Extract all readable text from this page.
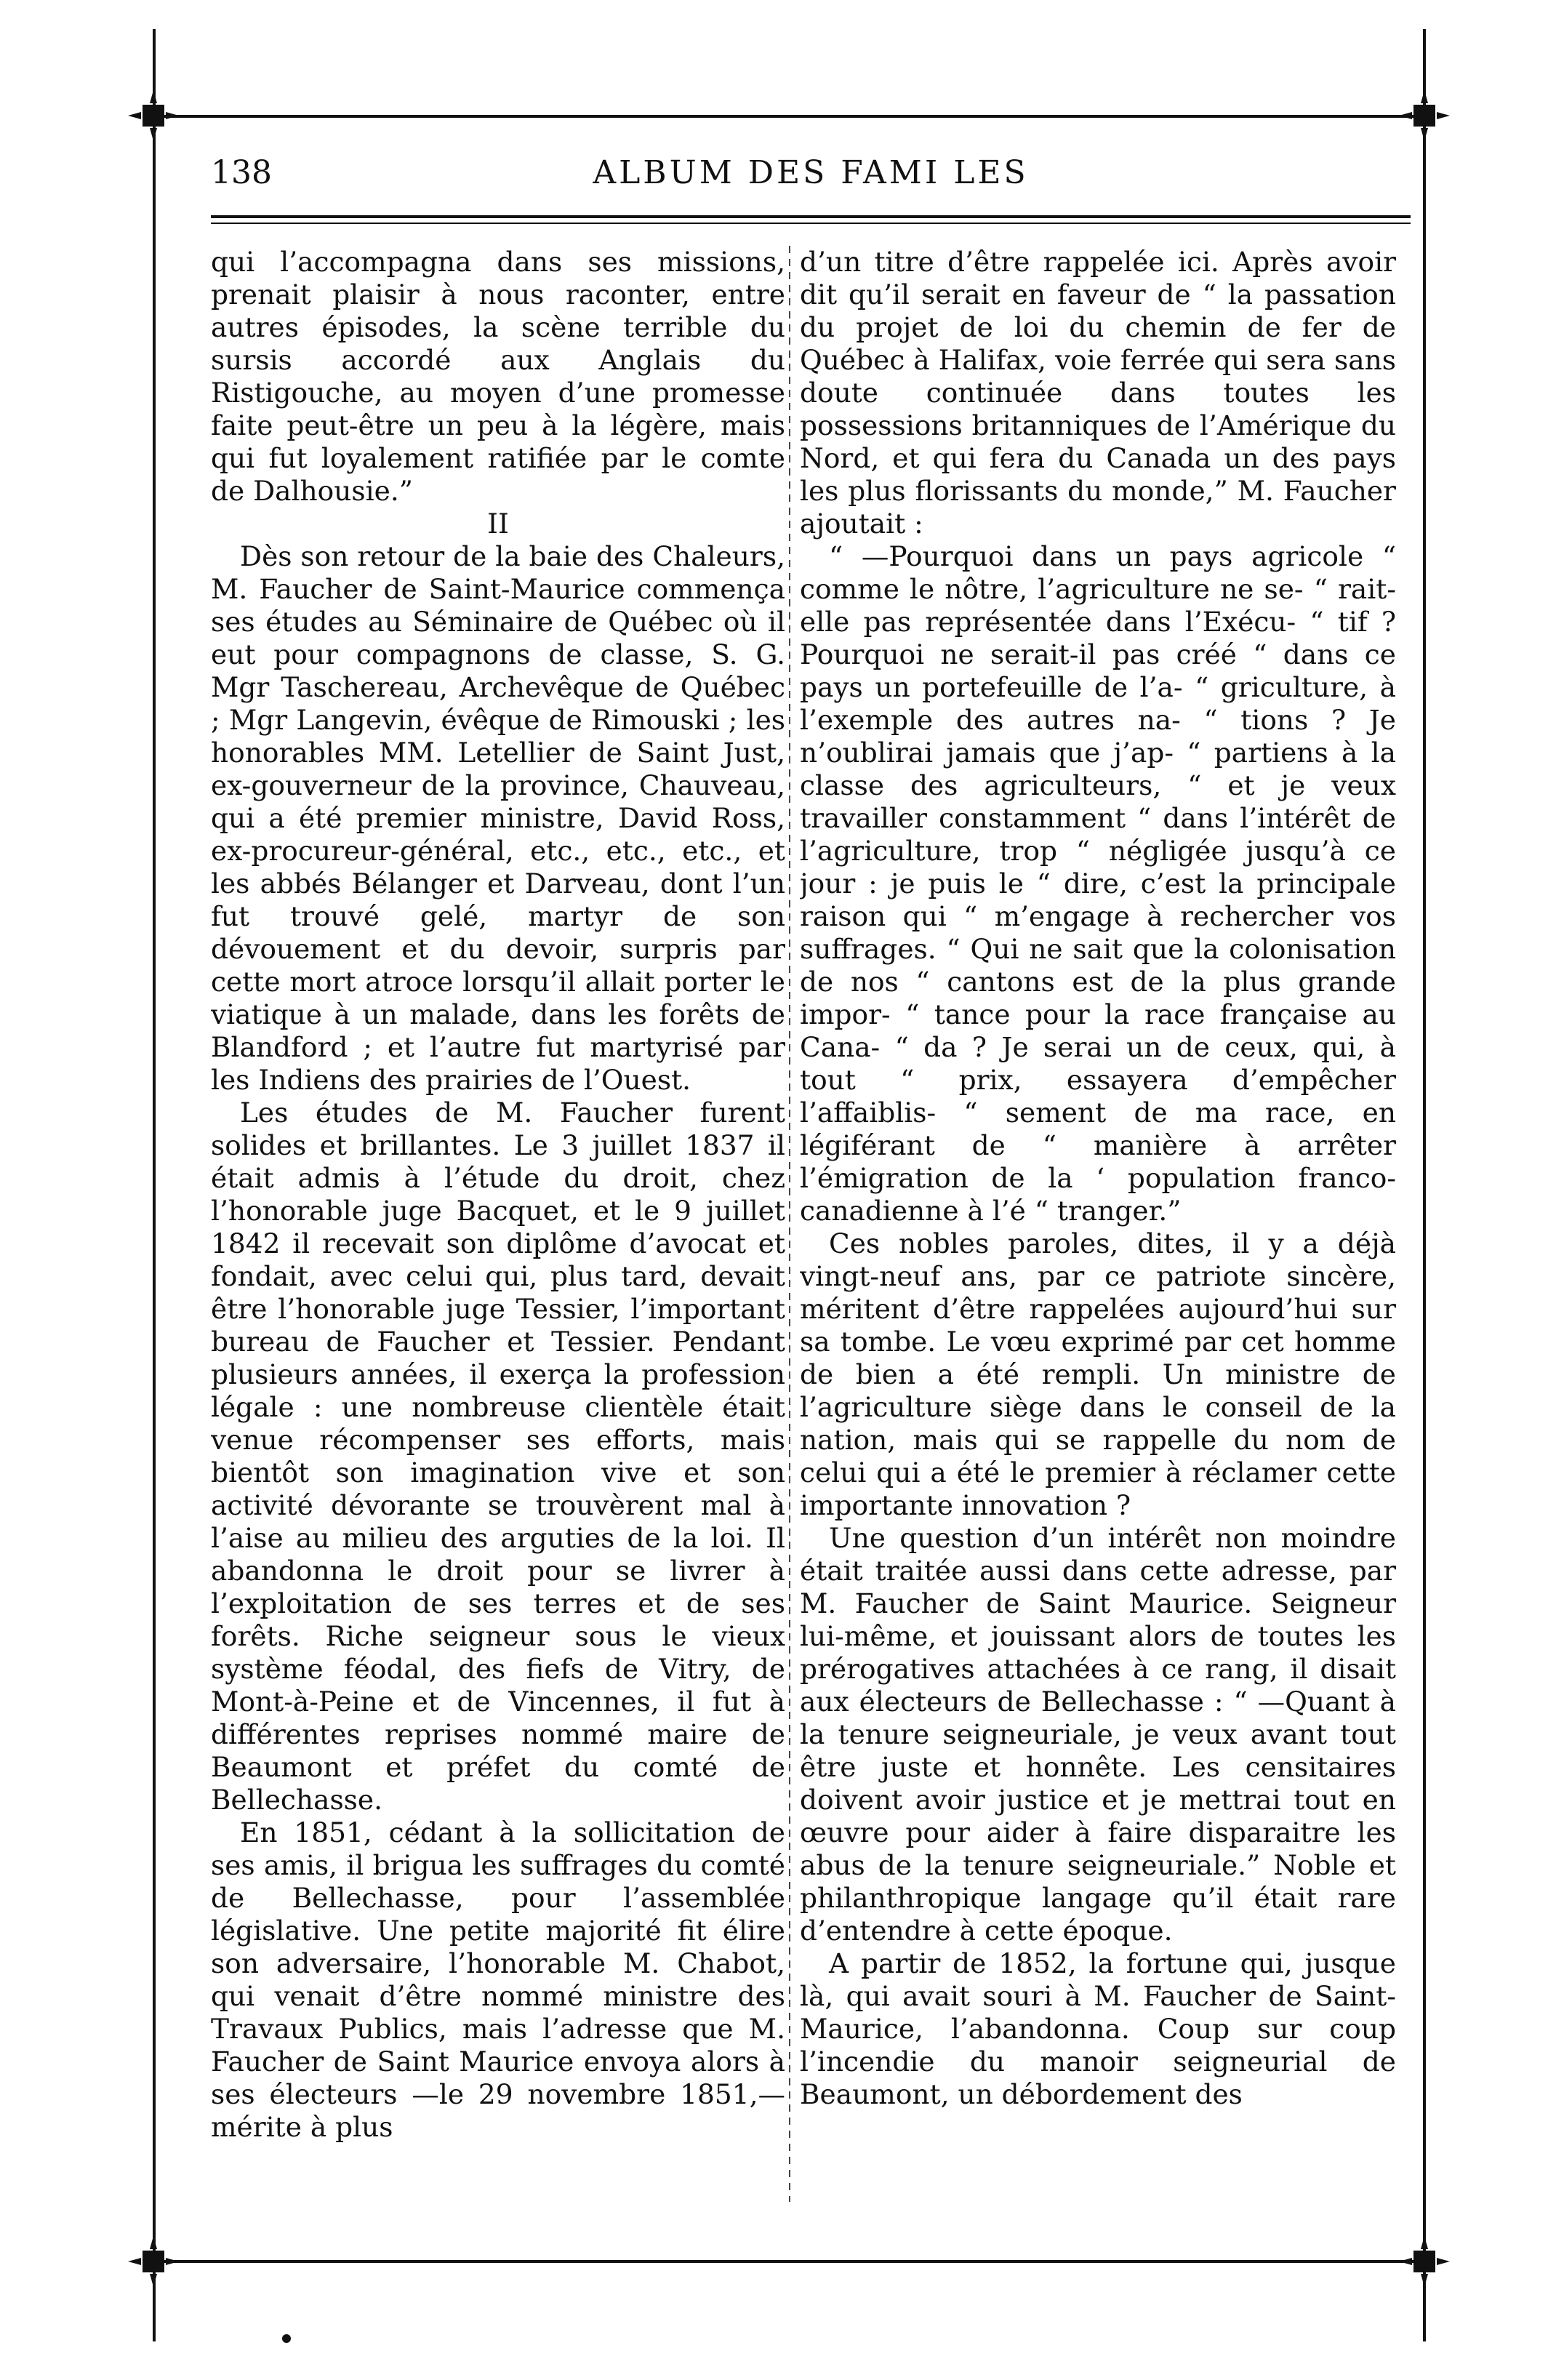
138	ALBUM DES FAMI LES

qui l’accompagna dans ses missions, prenait plaisir à nous raconter, entre autres épisodes, la scène terrible du sursis accordé aux Anglais du Ristigouche, au moyen d’une promesse faite peut-être un peu à la légère, mais qui fut loyalement ratifiée par le comte de Dalhousie.”

II

Dès son retour de la baie des Chaleurs, M. Faucher de Saint-Maurice commença ses études au Séminaire de Québec où il eut pour compagnons de classe, S. G. Mgr Taschereau, Archevêque de Québec ; Mgr Langevin, évêque de Rimouski ; les honorables MM. Letellier de Saint Just, ex-gouverneur de la province, Chauveau, qui a été premier ministre, David Ross, ex-procureur-général, etc., etc., etc., et les abbés Bélanger et Darveau, dont l’un fut trouvé gelé, martyr de son dévouement et du devoir, surpris par cette mort atroce lorsqu’il allait porter le viatique à un malade, dans les forêts de Blandford ; et l’autre fut martyrisé par les Indiens des prairies de l’Ouest.

Les études de M. Faucher furent solides et brillantes. Le 3 juillet 1837 il était admis à l’étude du droit, chez l’honorable juge Bacquet, et le 9 juillet 1842 il recevait son diplôme d’avocat et fondait, avec celui qui, plus tard, devait être l’honorable juge Tessier, l’important bureau de Faucher et Tessier. Pendant plusieurs années, il exerça la profession légale : une nombreuse clientèle était venue récompenser ses efforts, mais bientôt son imagination vive et son activité dévorante se trouvèrent mal à l’aise au milieu des arguties de la loi. Il abandonna le droit pour se livrer à l’exploitation de ses terres et de ses forêts. Riche seigneur sous le vieux système féodal, des fiefs de Vitry, de Mont-à-Peine et de Vincennes, il fut à différentes reprises nommé maire de Beaumont et préfet du comté de Bellechasse.

En 1851, cédant à la sollicitation de ses amis, il brigua les suffrages du comté de Bellechasse, pour l’assemblée législative. Une petite majorité fit élire son adversaire, l’honorable M. Chabot, qui venait d’être nommé ministre des Travaux Publics, mais l’adresse que M. Faucher de Saint Maurice envoya alors à ses électeurs —le 29 novembre 1851,—mérite à plus

d’un titre d’être rappelée ici. Après avoir dit qu’il serait en faveur de “ la passation du projet de loi du chemin de fer de Québec à Halifax, voie ferrée qui sera sans doute continuée dans toutes les possessions britanniques de l’Amérique du Nord, et qui fera du Canada un des pays les plus florissants du monde,” M. Faucher ajoutait :

“ —Pourquoi dans un pays agricole “ comme le nôtre, l’agriculture ne se- “ rait-elle pas représentée dans l’Exécu- “ tif ? Pourquoi ne serait-il pas créé “ dans ce pays un portefeuille de l’a- “ griculture, à l’exemple des autres na- “ tions ? Je n’oublirai jamais que j’ap- “ partiens à la classe des agriculteurs, “ et je veux travailler constamment “ dans l’intérêt de l’agriculture, trop “ négligée jusqu’à ce jour : je puis le “ dire, c’est la principale raison qui “ m’engage à rechercher vos suffrages. “ Qui ne sait que la colonisation de nos “ cantons est de la plus grande impor- “ tance pour la race française au Cana- “ da ? Je serai un de ceux, qui, à tout “ prix, essayera d’empêcher l’affaiblis- “ sement de ma race, en légiférant de “ manière à arrêter l’émigration de la ‘ population franco-canadienne à l’é “ tranger.”

Ces nobles paroles, dites, il y a déjà vingt-neuf ans, par ce patriote sincère, méritent d’être rappelées aujourd’hui sur sa tombe. Le vœu exprimé par cet homme de bien a été rempli. Un ministre de l’agriculture siège dans le conseil de la nation, mais qui se rappelle du nom de celui qui a été le premier à réclamer cette importante innovation ?

Une question d’un intérêt non moindre était traitée aussi dans cette adresse, par M. Faucher de Saint Maurice. Seigneur lui-même, et jouissant alors de toutes les prérogatives attachées à ce rang, il disait aux électeurs de Bellechasse : “ —Quant à la tenure seigneuriale, je veux avant tout être juste et honnête. Les censitaires doivent avoir justice et je mettrai tout en œuvre pour aider à faire disparaitre les abus de la tenure seigneuriale.” Noble et philanthropique langage qu’il était rare d’entendre à cette époque.

A partir de 1852, la fortune qui, jusque là, qui avait souri à M. Faucher de Saint-Maurice, l’abandonna. Coup sur coup l’incendie du manoir seigneurial de Beaumont, un débordement des
